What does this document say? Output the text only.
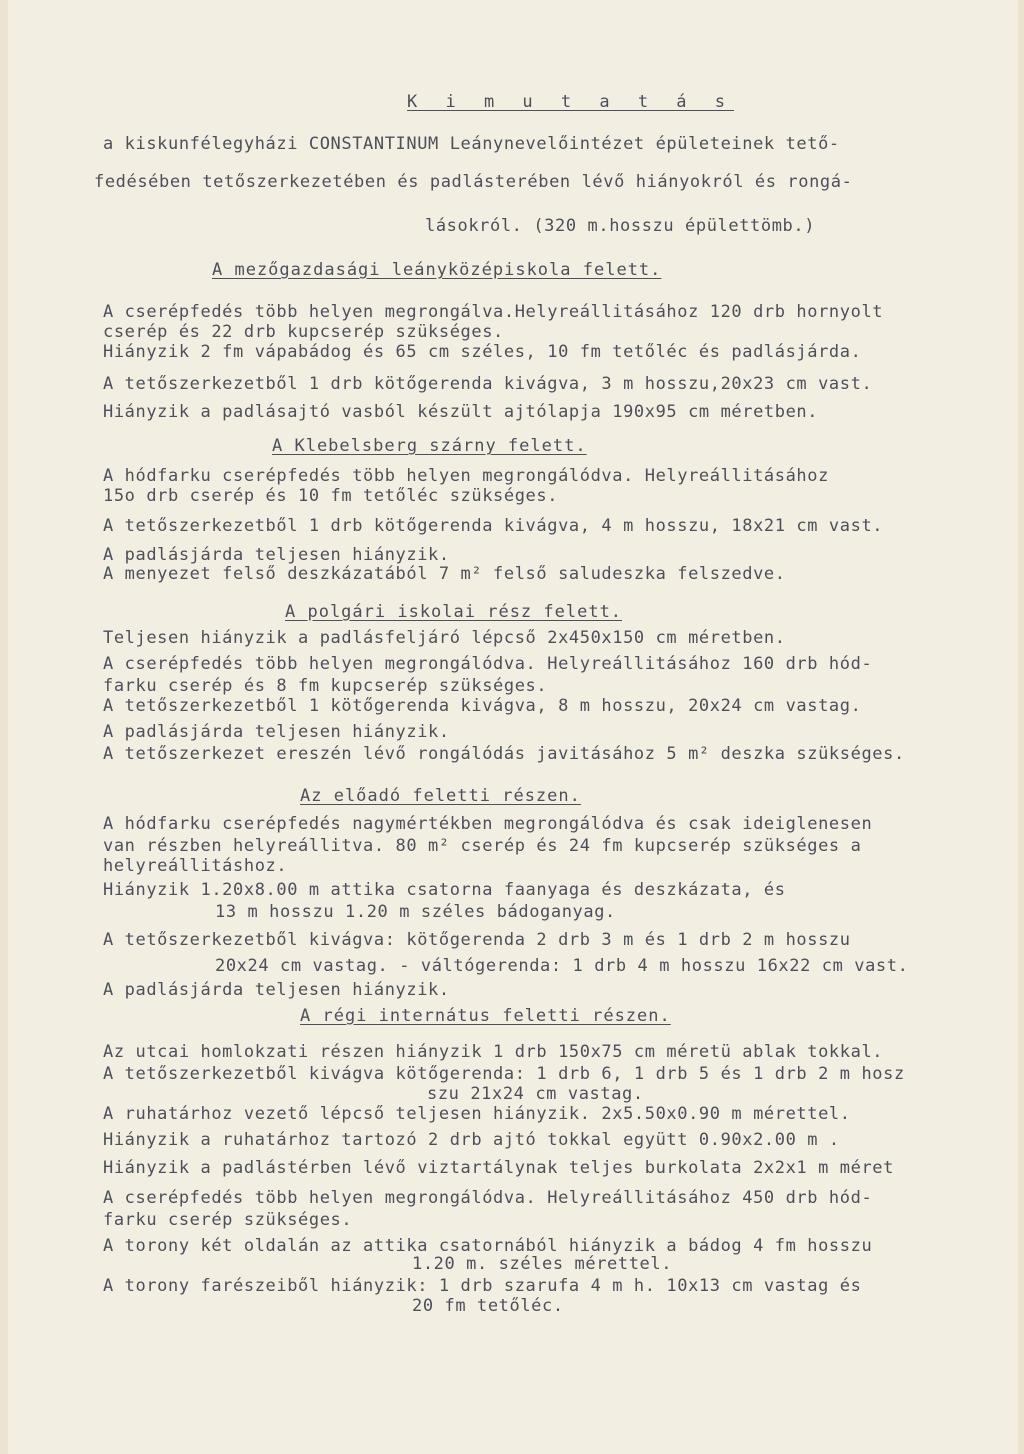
K i m u t a t á s
a kiskunfélegyházi CONSTANTINUM Leánynevelőintézet épületeinek tető-
fedésében tetőszerkezetében és padlásterében lévő hiányokról és rongá-
lásokról. (320 m.hosszu épülettömb.)
A mezőgazdasági leányközépiskola felett.
A cserépfedés több helyen megrongálva.Helyreállitásához 120 drb hornyolt
cserép és 22 drb kupcserép szükséges.
Hiányzik 2 fm vápabádog és 65 cm széles, 10 fm tetőléc és padlásjárda.
A tetőszerkezetből 1 drb kötőgerenda kivágva, 3 m hosszu,20x23 cm vast.
Hiányzik a padlásajtó vasból készült ajtólapja 190x95 cm méretben.
A Klebelsberg szárny felett.
A hódfarku cserépfedés több helyen megrongálódva. Helyreállitásához
15o drb cserép és 10 fm tetőléc szükséges.
A tetőszerkezetből 1 drb kötőgerenda kivágva, 4 m hosszu, 18x21 cm vast.
A padlásjárda teljesen hiányzik.
A menyezet felső deszkázatából 7 m² felső saludeszka felszedve.
A polgári iskolai rész felett.
Teljesen hiányzik a padlásfeljáró lépcső 2x450x150 cm méretben.
A cserépfedés több helyen megrongálódva. Helyreállitásához 160 drb hód-
farku cserép és 8 fm kupcserép szükséges.
A tetőszerkezetből 1 kötőgerenda kivágva, 8 m hosszu, 20x24 cm vastag.
A padlásjárda teljesen hiányzik.
A tetőszerkezet ereszén lévő rongálódás javitásához 5 m² deszka szükséges.
Az előadó feletti részen.
A hódfarku cserépfedés nagymértékben megrongálódva és csak ideiglenesen
van részben helyreállitva. 80 m² cserép és 24 fm kupcserép szükséges a
helyreállitáshoz.
Hiányzik 1.20x8.00 m attika csatorna faanyaga és deszkázata, és
13 m hosszu 1.20 m széles bádoganyag.
A tetőszerkezetből kivágva: kötőgerenda 2 drb 3 m és 1 drb 2 m hosszu
20x24 cm vastag. - váltógerenda: 1 drb 4 m hosszu 16x22 cm vast.
A padlásjárda teljesen hiányzik.
A régi internátus feletti részen.
Az utcai homlokzati részen hiányzik 1 drb 150x75 cm méretü ablak tokkal.
A tetőszerkezetből kivágva kötőgerenda: 1 drb 6, 1 drb 5 és 1 drb 2 m hosz
szu 21x24 cm vastag.
A ruhatárhoz vezető lépcső teljesen hiányzik. 2x5.50x0.90 m mérettel.
Hiányzik a ruhatárhoz tartozó 2 drb ajtó tokkal együtt 0.90x2.00 m .
Hiányzik a padlástérben lévő viztartálynak teljes burkolata 2x2x1 m méret
A cserépfedés több helyen megrongálódva. Helyreállitásához 450 drb hód-
farku cserép szükséges.
A torony két oldalán az attika csatornából hiányzik a bádog 4 fm hosszu
1.20 m. széles mérettel.
A torony farészeiből hiányzik: 1 drb szarufa 4 m h. 10x13 cm vastag és
20 fm tetőléc.
